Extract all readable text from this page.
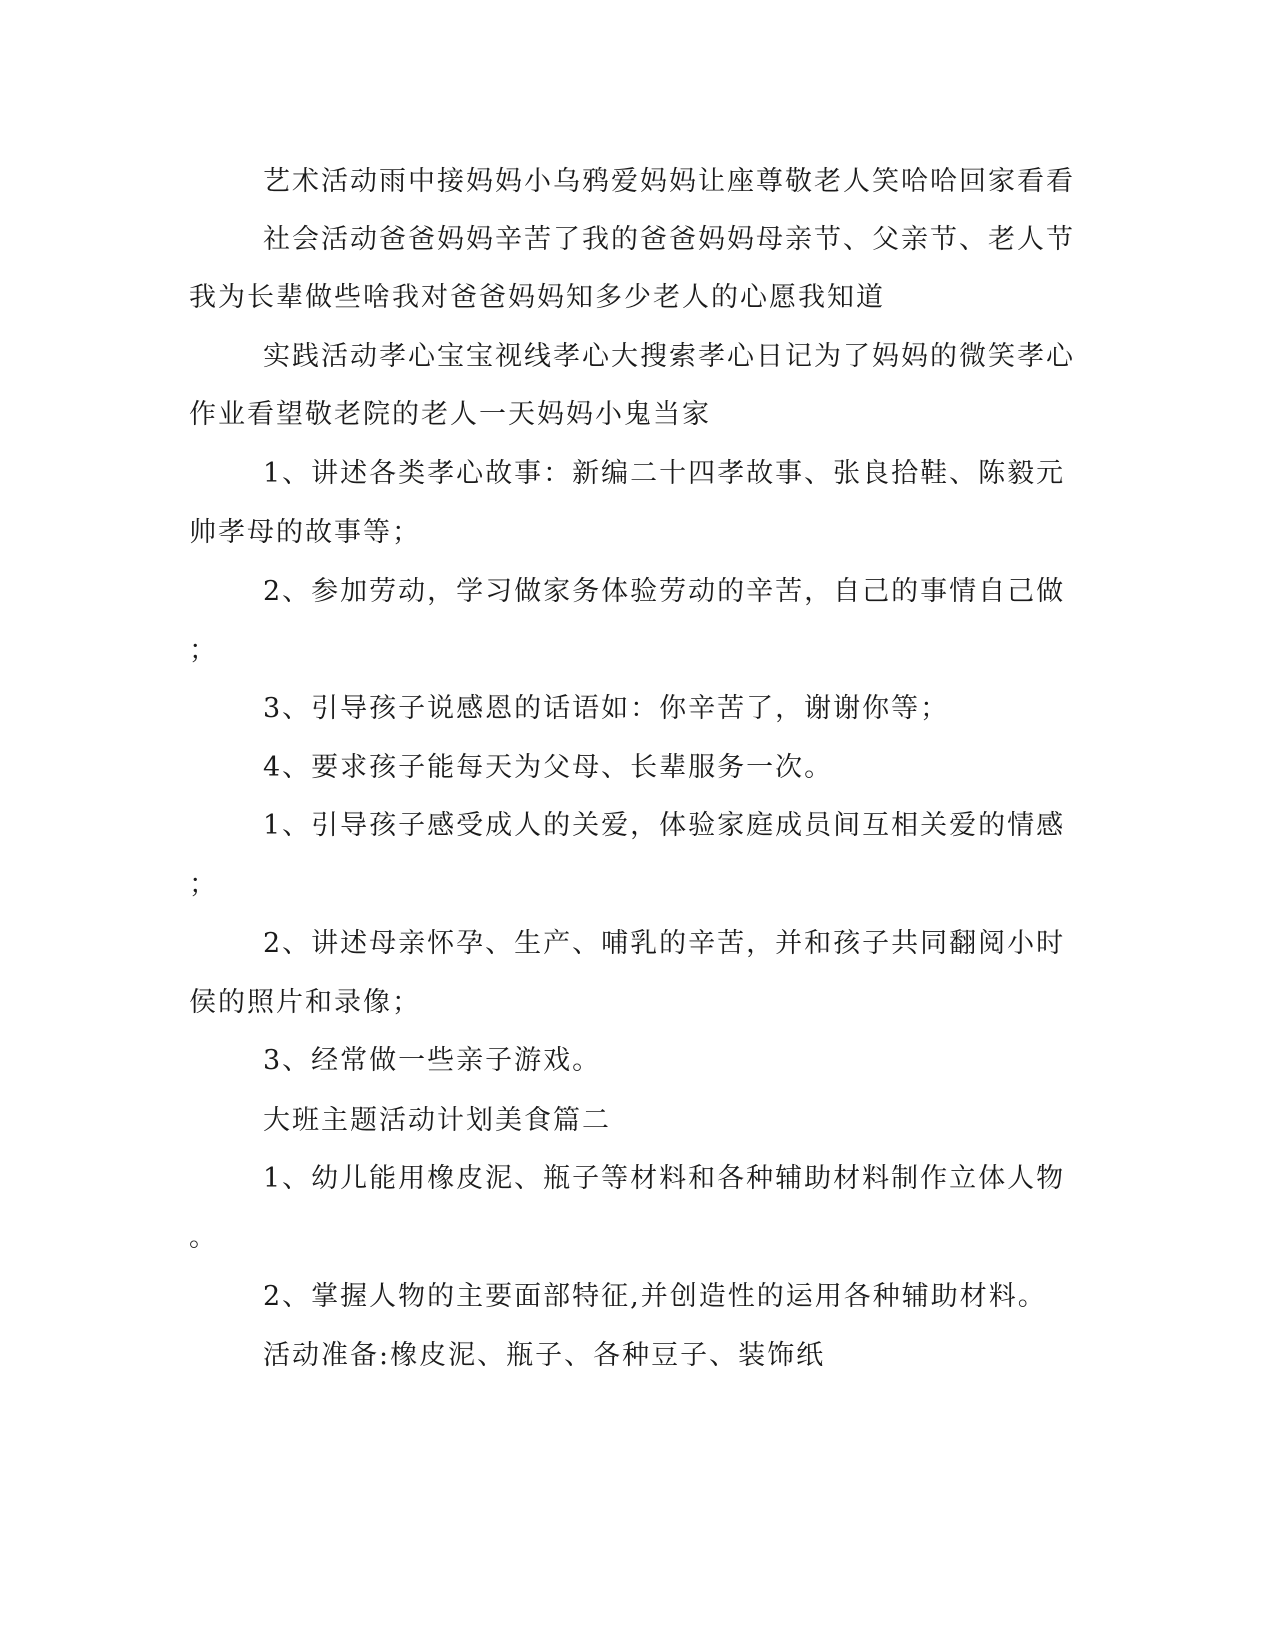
艺术活动雨中接妈妈小乌鸦爱妈妈让座尊敬老人笑哈哈回家看看
社会活动爸爸妈妈辛苦了我的爸爸妈妈母亲节、父亲节、老人节
我为长辈做些啥我对爸爸妈妈知多少老人的心愿我知道
实践活动孝心宝宝视线孝心大搜索孝心日记为了妈妈的微笑孝心
作业看望敬老院的老人一天妈妈小鬼当家
1、讲述各类孝心故事：新编二十四孝故事、张良拾鞋、陈毅元
帅孝母的故事等；
2、参加劳动，学习做家务体验劳动的辛苦，自己的事情自己做
；
3、引导孩子说感恩的话语如：你辛苦了，谢谢你等；
4、要求孩子能每天为父母、长辈服务一次。
1、引导孩子感受成人的关爱，体验家庭成员间互相关爱的情感
；
2、讲述母亲怀孕、生产、哺乳的辛苦，并和孩子共同翻阅小时
侯的照片和录像；
3、经常做一些亲子游戏。
大班主题活动计划美食篇二
1、幼儿能用橡皮泥、瓶子等材料和各种辅助材料制作立体人物
。
2、掌握人物的主要面部特征,并创造性的运用各种辅助材料。
活动准备:橡皮泥、瓶子、各种豆子、装饰纸
